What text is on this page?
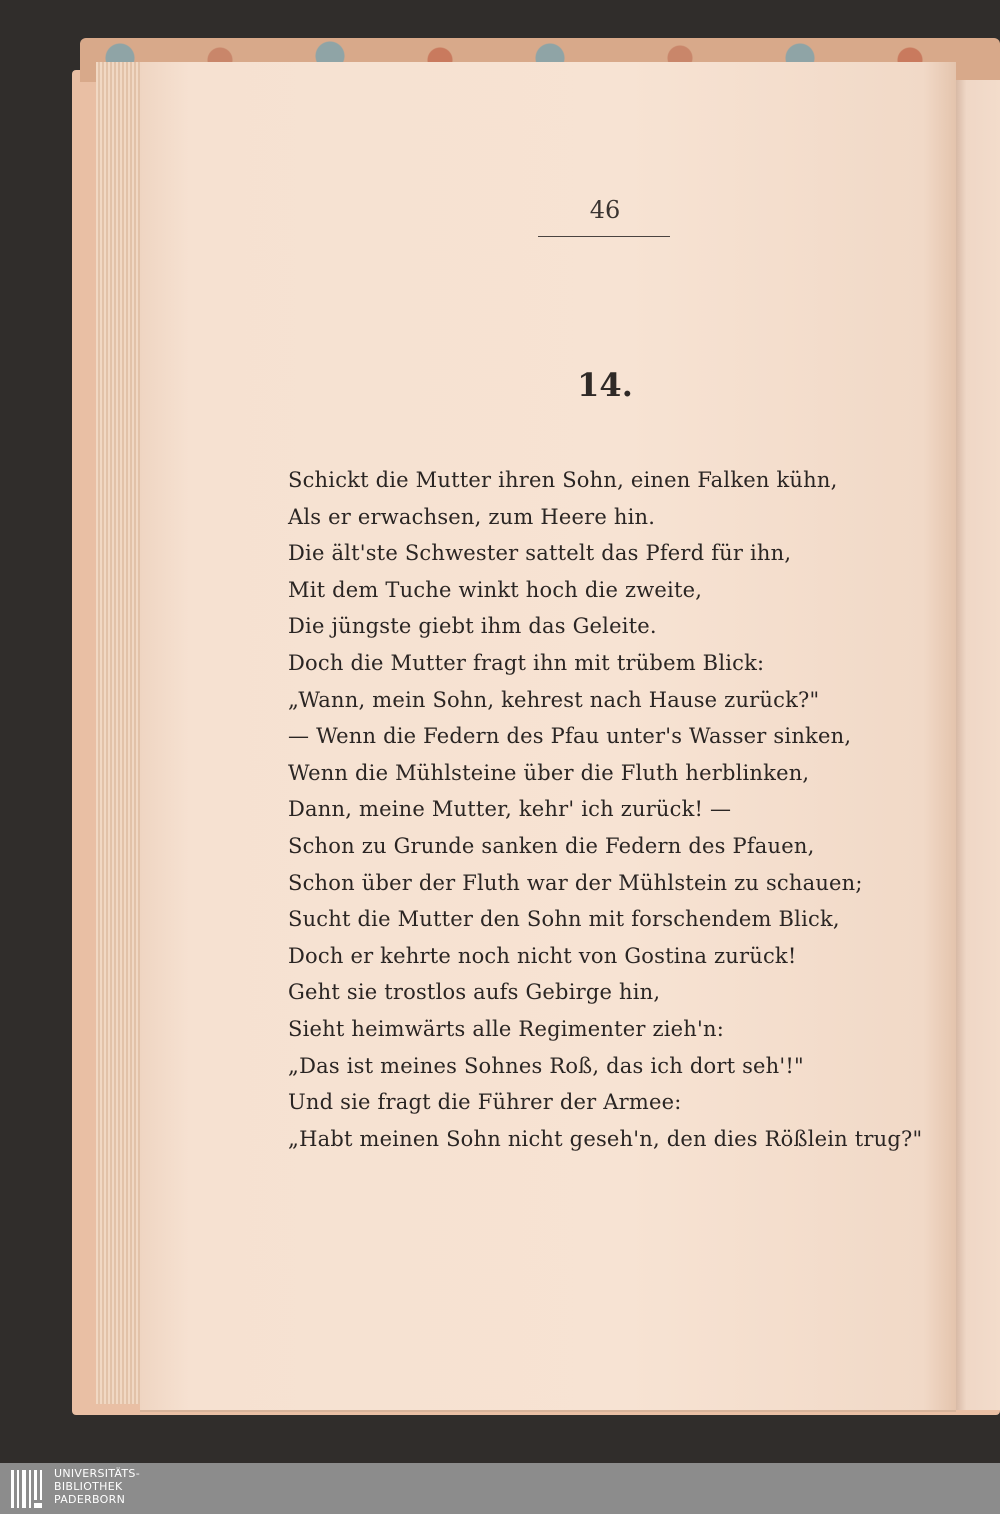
46
14.
Schickt die Mutter ihren Sohn, einen Falken kühn,
Als er erwachsen, zum Heere hin.
Die ält'ste Schwester sattelt das Pferd für ihn,
Mit dem Tuche winkt hoch die zweite,
Die jüngste giebt ihm das Geleite.
Doch die Mutter fragt ihn mit trübem Blick:
„Wann, mein Sohn, kehrest nach Hause zurück?"
— Wenn die Federn des Pfau unter's Wasser sinken,
Wenn die Mühlsteine über die Fluth herblinken,
Dann, meine Mutter, kehr' ich zurück! —
Schon zu Grunde sanken die Federn des Pfauen,
Schon über der Fluth war der Mühlstein zu schauen;
Sucht die Mutter den Sohn mit forschendem Blick,
Doch er kehrte noch nicht von Gostina zurück!
Geht sie trostlos aufs Gebirge hin,
Sieht heimwärts alle Regimenter zieh'n:
„Das ist meines Sohnes Roß, das ich dort seh'!"
Und sie fragt die Führer der Armee:
„Habt meinen Sohn nicht geseh'n, den dies Rößlein trug?"
UNIVERSITÄTS-
BIBLIOTHEK
PADERBORN
